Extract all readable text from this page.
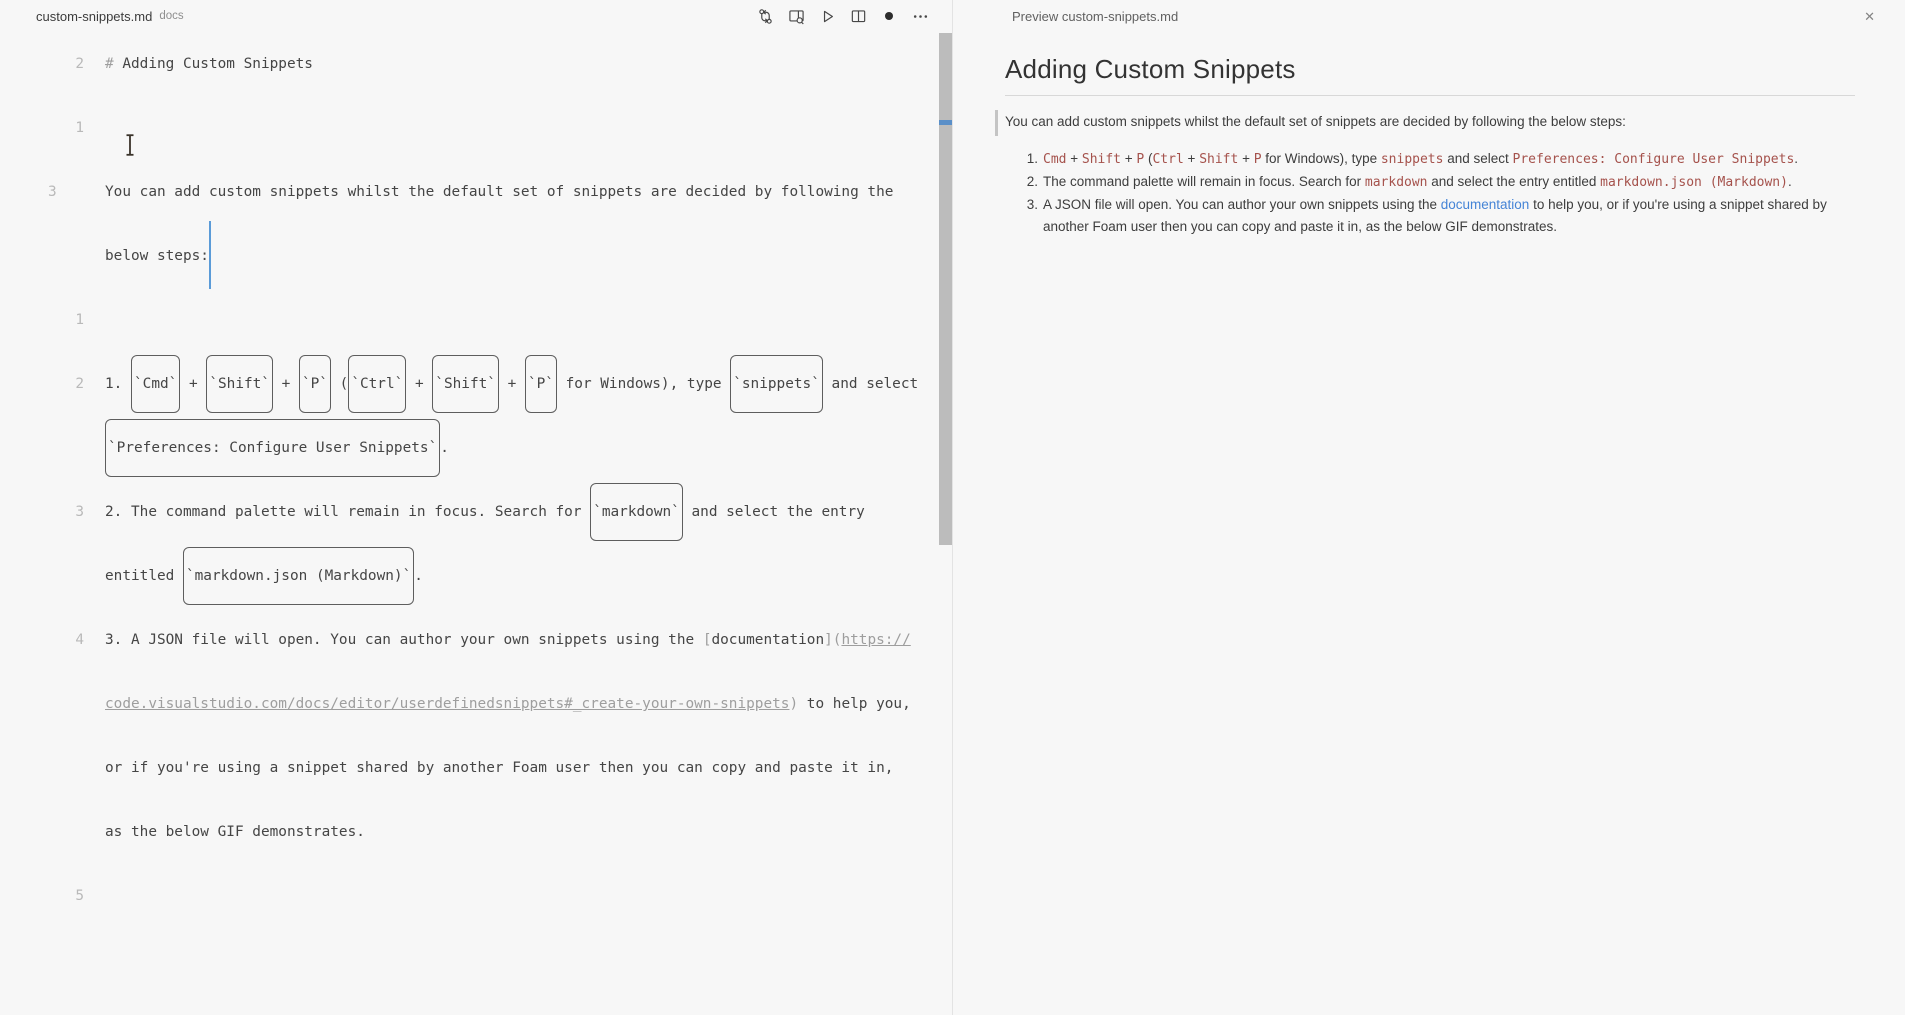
custom-snippets.md docs
2	# Adding Custom Snippets
1
3	You can add custom snippets whilst the default set of snippets are decided by following the
below steps:
1
2	1. `Cmd` + `Shift` + `P` ( `Ctrl` + `Shift` + `P` for Windows), type `snippets` and select
`Preferences: Configure User Snippets` .
3	2. The command palette will remain in focus. Search for `markdown` and select the entry
entitled `markdown.json (Markdown)` .
4	3. A JSON file will open. You can author your own snippets using the [documentation](https://
code.visualstudio.com/docs/editor/userdefinedsnippets#_create-your-own-snippets) to help you,
or if you're using a snippet shared by another Foam user then you can copy and paste it in,
as the below GIF demonstrates.
5
Preview custom-snippets.md	✕
Adding Custom Snippets

You can add custom snippets whilst the default set of snippets are decided by following the below steps:

1. Cmd + Shift + P (Ctrl + Shift + P for Windows), type snippets and select Preferences: Configure User Snippets.
2. The command palette will remain in focus. Search for markdown and select the entry entitled markdown.json (Markdown).
3. A JSON file will open. You can author your own snippets using the documentation to help you, or if you're using a snippet shared by another Foam user then you can copy and paste it in, as the below GIF demonstrates.
